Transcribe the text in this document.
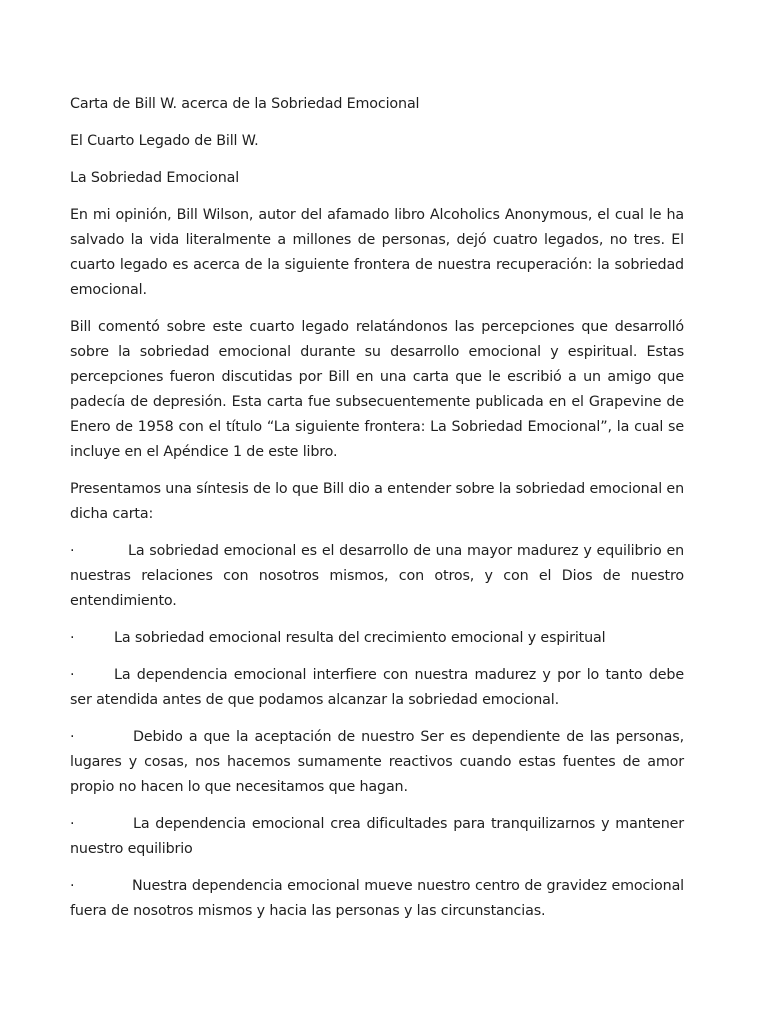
Carta de Bill W. acerca de la Sobriedad Emocional

El Cuarto Legado de Bill W.

La Sobriedad Emocional

En mi opinión, Bill Wilson, autor del afamado libro Alcoholics Anonymous, el cual le ha salvado la vida literalmente a millones de personas, dejó cuatro legados, no tres. El cuarto legado es acerca de la siguiente frontera de nuestra recuperación: la sobriedad emocional.

Bill comentó sobre este cuarto legado relatándonos las percepciones que desarrolló sobre la sobriedad emocional durante su desarrollo emocional y espiritual. Estas percepciones fueron discutidas por Bill en una carta que le escribió a un amigo que padecía de depresión. Esta carta fue subsecuentemente publicada en el Grapevine de Enero de 1958 con el título “La siguiente frontera: La Sobriedad Emocional”, la cual se incluye en el Apéndice 1 de este libro.

Presentamos una síntesis de lo que Bill dio a entender sobre la sobriedad emocional en dicha carta:

·	La sobriedad emocional es el desarrollo de una mayor madurez y equilibrio en nuestras relaciones con nosotros mismos, con otros, y con el Dios de nuestro entendimiento.

·	La sobriedad emocional resulta del crecimiento emocional y espiritual

·	La dependencia emocional interfiere con nuestra madurez y por lo tanto debe ser atendida antes de que podamos alcanzar la sobriedad emocional.

·	Debido a que la aceptación de nuestro Ser es dependiente de las personas, lugares y cosas, nos hacemos sumamente reactivos cuando estas fuentes de amor propio no hacen lo que necesitamos que hagan.

·	La dependencia emocional crea dificultades para tranquilizarnos y mantener nuestro equilibrio

·	Nuestra dependencia emocional mueve nuestro centro de gravidez emocional fuera de nosotros mismos y hacia las personas y las circunstancias.
